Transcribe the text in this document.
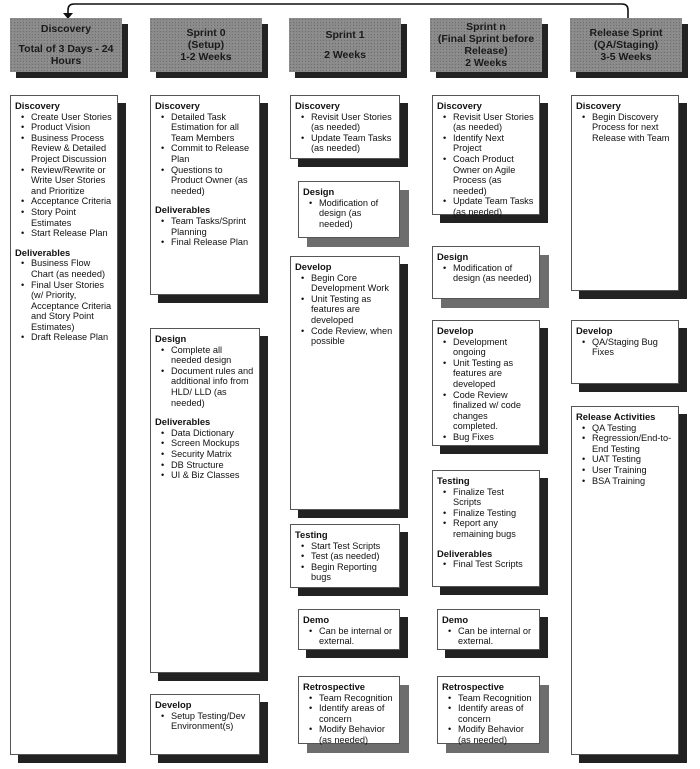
Discovery
Total of 3 Days - 24
Hours
Sprint 0
(Setup)
1-2 Weeks
Sprint 1
2 Weeks
Sprint n
(Final Sprint before
Release)
2 Weeks
Release Sprint
(QA/Staging)
3-5 Weeks
Discovery
• Create User Stories
• Product Vision
• Business Process Review & Detailed Project Discussion
• Review/Rewrite or Write User Stories and Prioritize
• Acceptance Criteria
• Story Point Estimates
• Start Release Plan
Deliverables
• Business Flow Chart (as needed)
• Final User Stories (w/ Priority, Acceptance Criteria and Story Point Estimates)
• Draft Release Plan
Discovery
• Detailed Task Estimation for all Team Members
• Commit to Release Plan
• Questions to Product Owner (as needed)
Deliverables
• Team Tasks/Sprint Planning
• Final Release Plan
Design
• Complete all needed design
• Document rules and additional info from HLD/ LLD (as needed)
Deliverables
• Data Dictionary
• Screen Mockups
• Security Matrix
• DB Structure
• UI & Biz Classes
Develop
• Setup Testing/Dev Environment(s)
Discovery
• Revisit User Stories (as needed)
• Update Team Tasks (as needed)
Design
• Modification of design (as needed)
Develop
• Begin Core Development Work
• Unit Testing as features are developed
• Code Review, when possible
Testing
• Start Test Scripts
• Test (as needed)
• Begin Reporting bugs
Demo
• Can be internal or external.
Retrospective
• Team Recognition
• Identify areas of concern
• Modify Behavior (as needed)
Discovery
• Revisit User Stories (as needed)
• Identify Next Project
• Coach Product Owner on Agile Process (as needed)
• Update Team Tasks (as needed)
Design
• Modification of design (as needed)
Develop
• Development ongoing
• Unit Testing as features are developed
• Code Review finalized w/ code changes completed.
• Bug Fixes
Testing
• Finalize Test Scripts
• Finalize Testing
• Report any remaining bugs
Deliverables
• Final Test Scripts
Demo
• Can be internal or external.
Retrospective
• Team Recognition
• Identify areas of concern
• Modify Behavior (as needed)
Discovery
• Begin Discovery Process for next Release with Team
Develop
• QA/Staging Bug Fixes
Release Activities
• QA Testing
• Regression/End-to-End Testing
• UAT Testing
• User Training
• BSA Training
